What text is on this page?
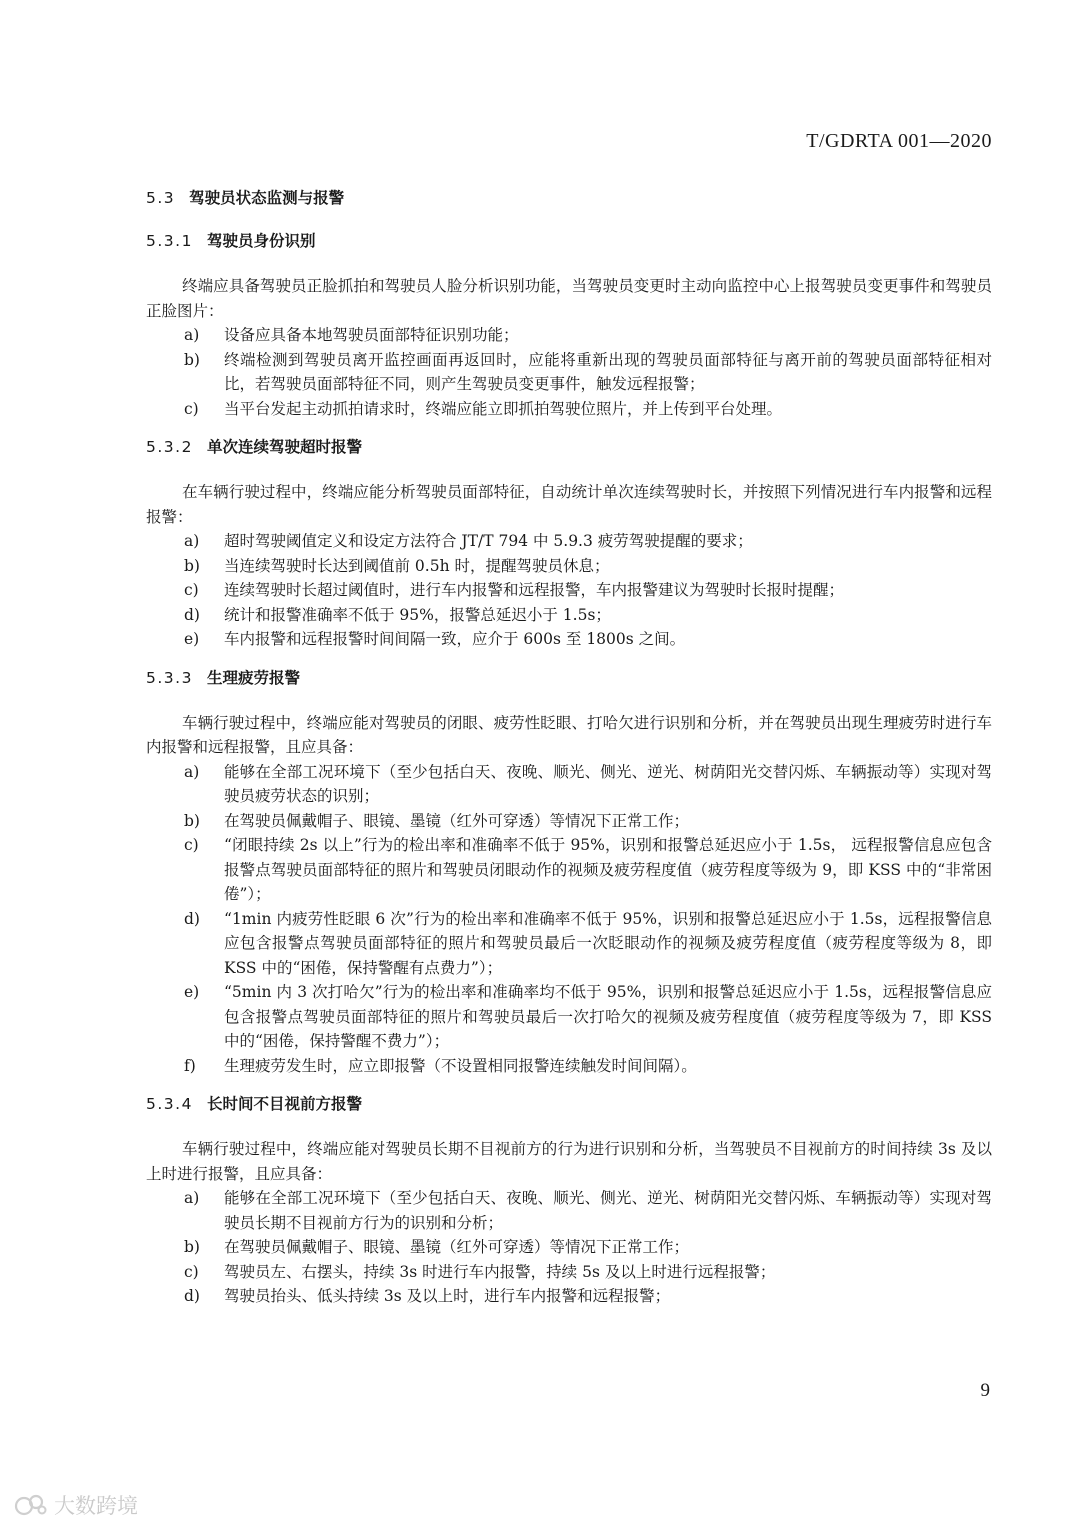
T/GDRTA 001—2020
5.3 驾驶员状态监测与报警
5.3.1 驾驶员身份识别
终端应具备驾驶员正脸抓拍和驾驶员人脸分析识别功能，当驾驶员变更时主动向监控中心上报驾驶员变更事件和驾驶员正脸图片：
a) 设备应具备本地驾驶员面部特征识别功能；
b) 终端检测到驾驶员离开监控画面再返回时，应能将重新出现的驾驶员面部特征与离开前的驾驶员面部特征相对比，若驾驶员面部特征不同，则产生驾驶员变更事件，触发远程报警；
c) 当平台发起主动抓拍请求时，终端应能立即抓拍驾驶位照片，并上传到平台处理。
5.3.2 单次连续驾驶超时报警
在车辆行驶过程中，终端应能分析驾驶员面部特征，自动统计单次连续驾驶时长，并按照下列情况进行车内报警和远程报警：
a) 超时驾驶阈值定义和设定方法符合 JT/T 794 中 5.9.3 疲劳驾驶提醒的要求；
b) 当连续驾驶时长达到阈值前 0.5h 时，提醒驾驶员休息；
c) 连续驾驶时长超过阈值时，进行车内报警和远程报警，车内报警建议为驾驶时长报时提醒；
d) 统计和报警准确率不低于 95%，报警总延迟小于 1.5s；
e) 车内报警和远程报警时间间隔一致，应介于 600s 至 1800s 之间。
5.3.3 生理疲劳报警
车辆行驶过程中，终端应能对驾驶员的闭眼、疲劳性眨眼、打哈欠进行识别和分析，并在驾驶员出现生理疲劳时进行车内报警和远程报警，且应具备：
a) 能够在全部工况环境下（至少包括白天、夜晚、顺光、侧光、逆光、树荫阳光交替闪烁、车辆振动等）实现对驾驶员疲劳状态的识别；
b) 在驾驶员佩戴帽子、眼镜、墨镜（红外可穿透）等情况下正常工作；
c) “闭眼持续 2s 以上”行为的检出率和准确率不低于 95%，识别和报警总延迟应小于 1.5s， 远程报警信息应包含报警点驾驶员面部特征的照片和驾驶员闭眼动作的视频及疲劳程度值（疲劳程度等级为 9，即 KSS 中的“非常困倦”）；
d) “1min 内疲劳性眨眼 6 次”行为的检出率和准确率不低于 95%，识别和报警总延迟应小于 1.5s，远程报警信息应包含报警点驾驶员面部特征的照片和驾驶员最后一次眨眼动作的视频及疲劳程度值（疲劳程度等级为 8，即 KSS 中的“困倦，保持警醒有点费力”）；
e) “5min 内 3 次打哈欠”行为的检出率和准确率均不低于 95%，识别和报警总延迟应小于 1.5s，远程报警信息应包含报警点驾驶员面部特征的照片和驾驶员最后一次打哈欠的视频及疲劳程度值（疲劳程度等级为 7，即 KSS 中的“困倦，保持警醒不费力”）；
f) 生理疲劳发生时，应立即报警（不设置相同报警连续触发时间间隔）。
5.3.4 长时间不目视前方报警
车辆行驶过程中，终端应能对驾驶员长期不目视前方的行为进行识别和分析，当驾驶员不目视前方的时间持续 3s 及以上时进行报警，且应具备：
a) 能够在全部工况环境下（至少包括白天、夜晚、顺光、侧光、逆光、树荫阳光交替闪烁、车辆振动等）实现对驾驶员长期不目视前方行为的识别和分析；
b) 在驾驶员佩戴帽子、眼镜、墨镜（红外可穿透）等情况下正常工作；
c) 驾驶员左、右摆头，持续 3s 时进行车内报警，持续 5s 及以上时进行远程报警；
d) 驾驶员抬头、低头持续 3s 及以上时，进行车内报警和远程报警；
9
大数跨境
